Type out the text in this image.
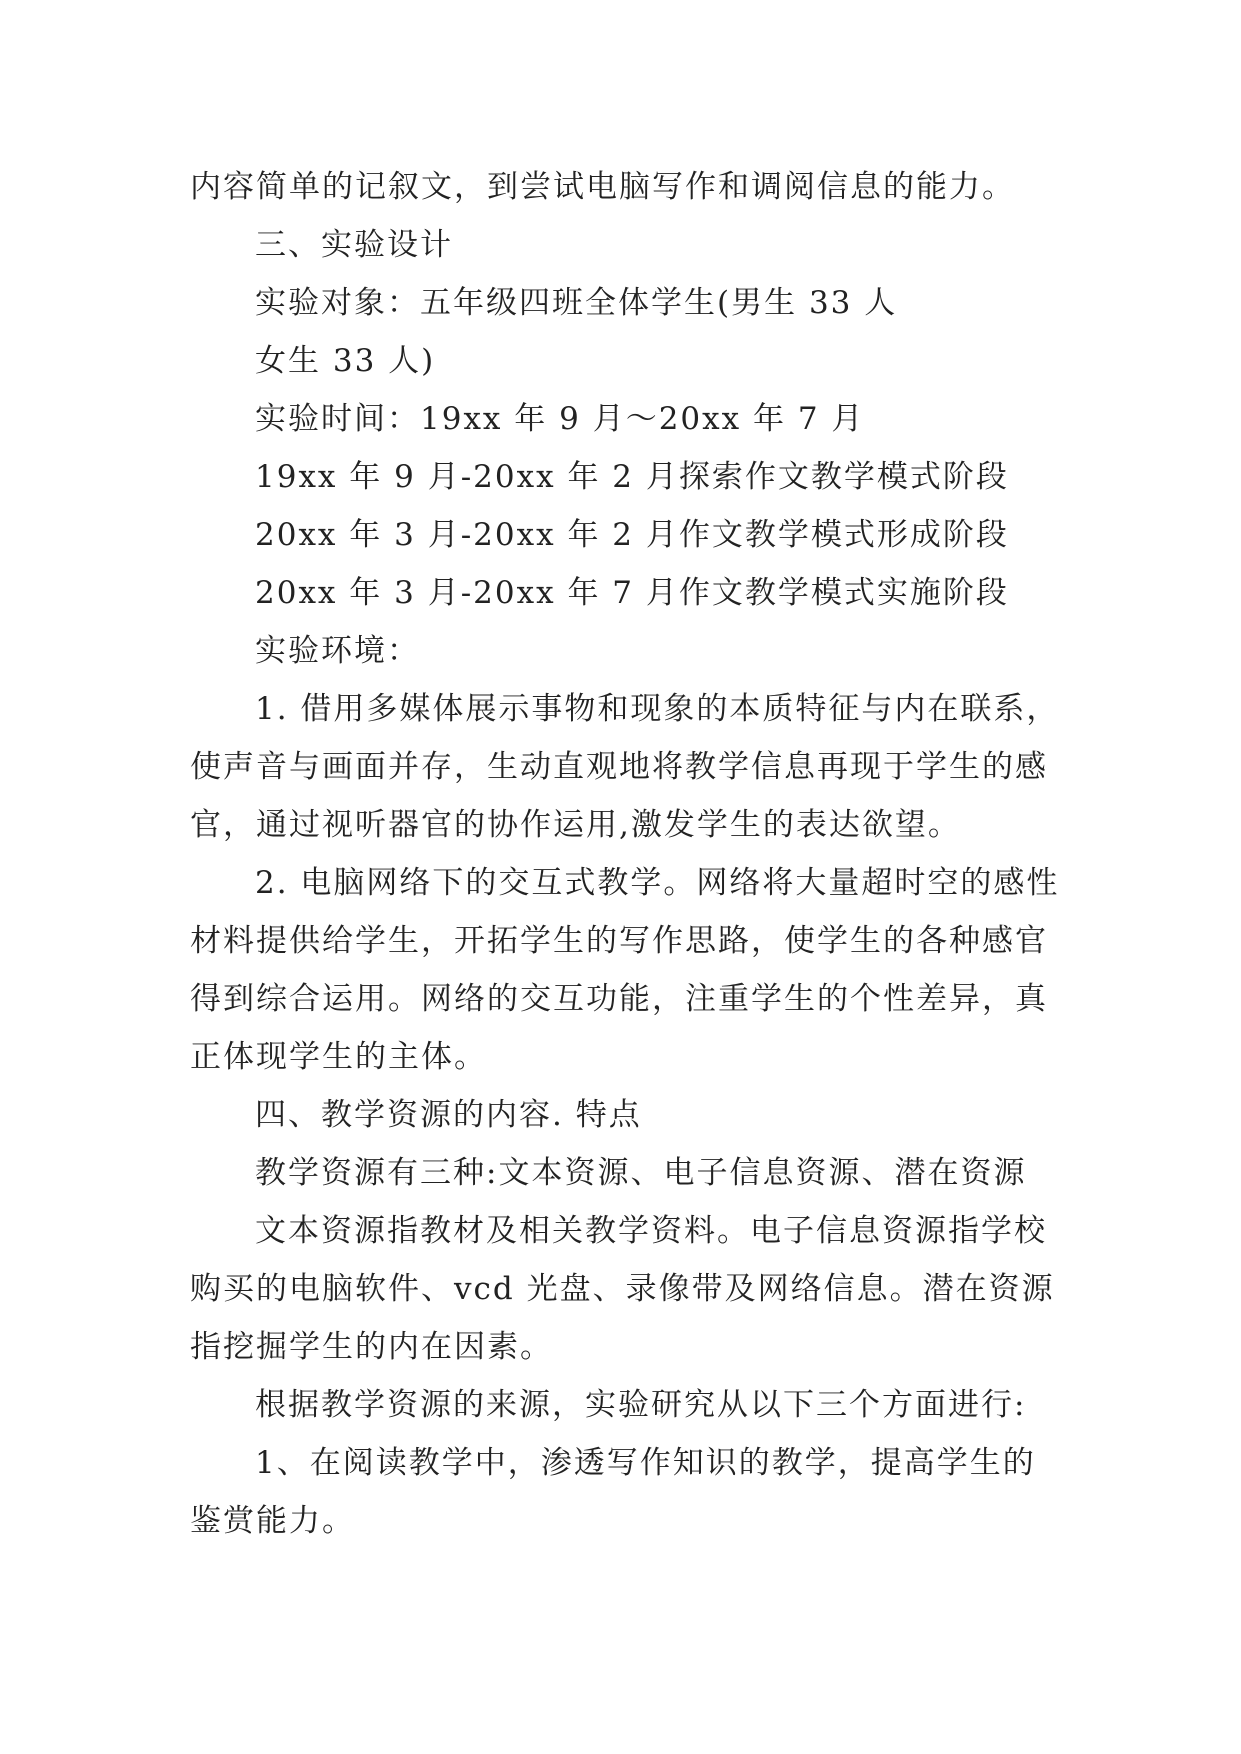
内容简单的记叙文，到尝试电脑写作和调阅信息的能力。
三、实验设计
实验对象：五年级四班全体学生(男生 33 人
女生 33 人)
实验时间：19xx 年 9 月～20xx 年 7 月
19xx 年 9 月-20xx 年 2 月探索作文教学模式阶段
20xx 年 3 月-20xx 年 2 月作文教学模式形成阶段
20xx 年 3 月-20xx 年 7 月作文教学模式实施阶段
实验环境：
1. 借用多媒体展示事物和现象的本质特征与内在联系，
使声音与画面并存，生动直观地将教学信息再现于学生的感
官，通过视听器官的协作运用,激发学生的表达欲望。
2. 电脑网络下的交互式教学。网络将大量超时空的感性
材料提供给学生，开拓学生的写作思路，使学生的各种感官
得到综合运用。网络的交互功能，注重学生的个性差异，真
正体现学生的主体。
四、教学资源的内容. 特点
教学资源有三种:文本资源、电子信息资源、潜在资源
文本资源指教材及相关教学资料。电子信息资源指学校
购买的电脑软件、vcd 光盘、录像带及网络信息。潜在资源
指挖掘学生的内在因素。
根据教学资源的来源，实验研究从以下三个方面进行:
1、在阅读教学中，渗透写作知识的教学，提高学生的
鉴赏能力。
